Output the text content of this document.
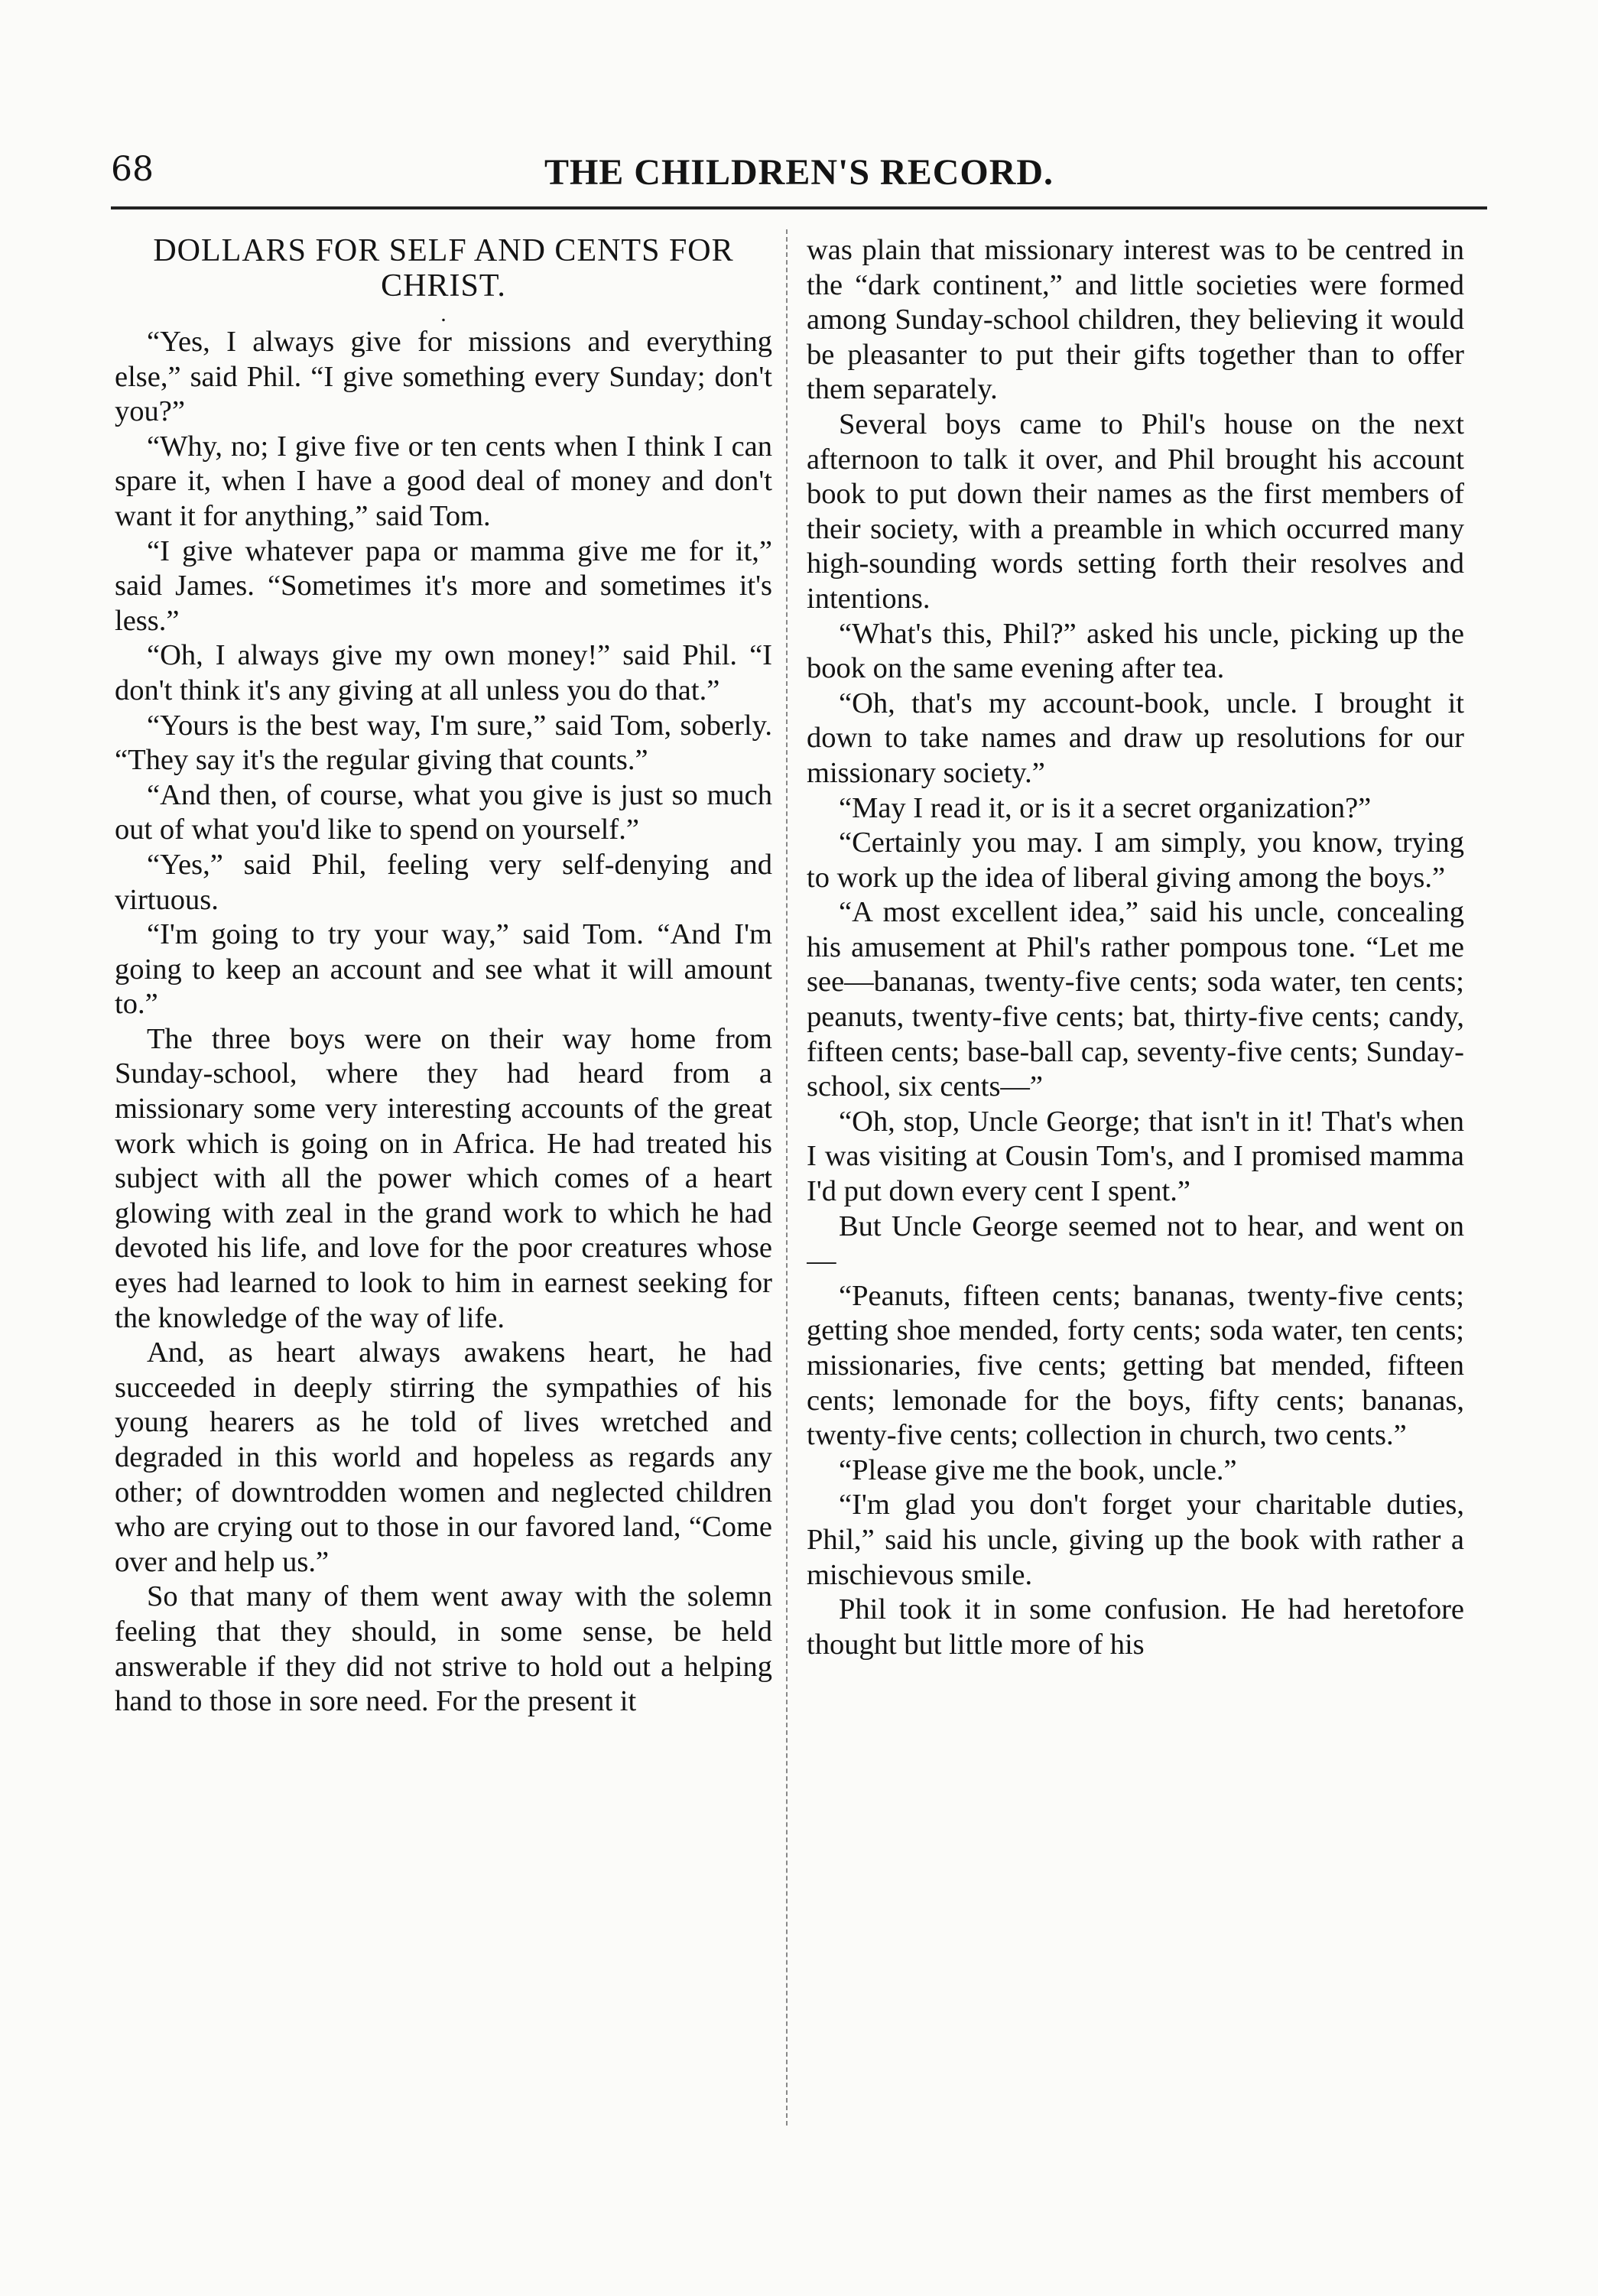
68	THE CHILDREN'S RECORD.
DOLLARS FOR SELF AND CENTS FOR CHRIST.
.

“Yes, I always give for missions and everything else,” said Phil. “I give something every Sunday; don't you?”

“Why, no; I give five or ten cents when I think I can spare it, when I have a good deal of money and don't want it for anything,” said Tom.

“I give whatever papa or mamma give me for it,” said James. “Sometimes it's more and sometimes it's less.”

“Oh, I always give my own money!” said Phil. “I don't think it's any giving at all unless you do that.”

“Yours is the best way, I'm sure,” said Tom, soberly. “They say it's the regular giving that counts.”

“And then, of course, what you give is just so much out of what you'd like to spend on yourself.”

“Yes,” said Phil, feeling very self-denying and virtuous.

“I'm going to try your way,” said Tom. “And I'm going to keep an account and see what it will amount to.”

The three boys were on their way home from Sunday-school, where they had heard from a missionary some very interesting accounts of the great work which is going on in Africa. He had treated his subject with all the power which comes of a heart glowing with zeal in the grand work to which he had devoted his life, and love for the poor creatures whose eyes had learned to look to him in earnest seeking for the knowledge of the way of life.

And, as heart always awakens heart, he had succeeded in deeply stirring the sympathies of his young hearers as he told of lives wretched and degraded in this world and hopeless as regards any other; of downtrodden women and neglected children who are crying out to those in our favored land, “Come over and help us.”

So that many of them went away with the solemn feeling that they should, in some sense, be held answerable if they did not strive to hold out a helping hand to those in sore need. For the present it

was plain that missionary interest was to be centred in the “dark continent,” and little societies were formed among Sunday-school children, they believing it would be pleasanter to put their gifts together than to offer them separately.

Several boys came to Phil's house on the next afternoon to talk it over, and Phil brought his account book to put down their names as the first members of their society, with a preamble in which occurred many high-sounding words setting forth their resolves and intentions.

“What's this, Phil?” asked his uncle, picking up the book on the same evening after tea.

“Oh, that's my account-book, uncle. I brought it down to take names and draw up resolutions for our missionary society.”

“May I read it, or is it a secret organization?”

“Certainly you may. I am simply, you know, trying to work up the idea of liberal giving among the boys.”

“A most excellent idea,” said his uncle, concealing his amusement at Phil's rather pompous tone. “Let me see—bananas, twenty-five cents; soda water, ten cents; peanuts, twenty-five cents; bat, thirty-five cents; candy, fifteen cents; base-ball cap, seventy-five cents; Sunday-school, six cents—”

“Oh, stop, Uncle George; that isn't in it! That's when I was visiting at Cousin Tom's, and I promised mamma I'd put down every cent I spent.”

But Uncle George seemed not to hear, and went on—

“Peanuts, fifteen cents; bananas, twenty-five cents; getting shoe mended, forty cents; soda water, ten cents; missionaries, five cents; getting bat mended, fifteen cents; lemonade for the boys, fifty cents; bananas, twenty-five cents; collection in church, two cents.”

“Please give me the book, uncle.”

“I'm glad you don't forget your charitable duties, Phil,” said his uncle, giving up the book with rather a mischievous smile.

Phil took it in some confusion. He had heretofore thought but little more of his
